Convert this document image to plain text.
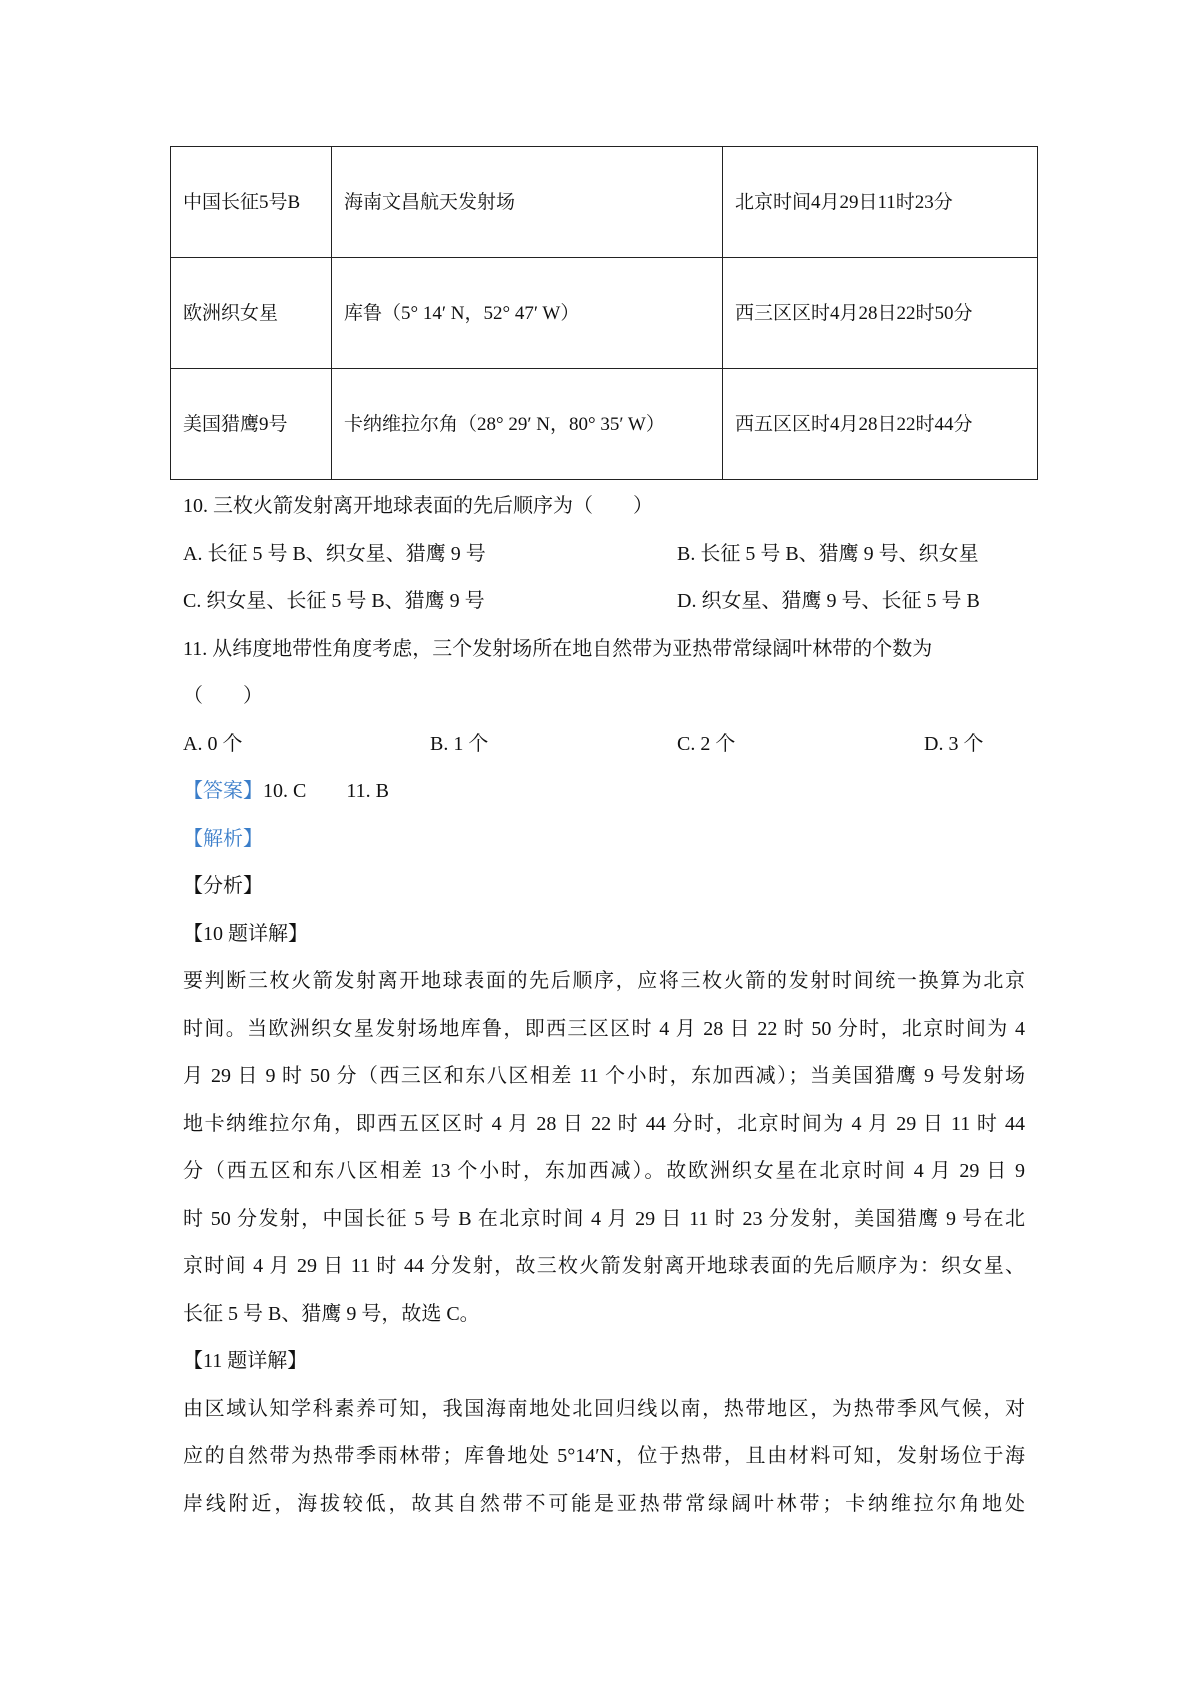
中国长征5号B	海南文昌航天发射场	北京时间4月29日11时23分
欧洲织女星	库鲁（5° 14′ N，52° 47′ W）	西三区区时4月28日22时50分
美国猎鹰9号	卡纳维拉尔角（28° 29′ N，80° 35′ W）	西五区区时4月28日22时44分
10. 三枚火箭发射离开地球表面的先后顺序为（　　）
A. 长征 5 号 B、织女星、猎鹰 9 号	B. 长征 5 号 B、猎鹰 9 号、织女星
C. 织女星、长征 5 号 B、猎鹰 9 号	D. 织女星、猎鹰 9 号、长征 5 号 B
11. 从纬度地带性角度考虑，三个发射场所在地自然带为亚热带常绿阔叶林带的个数为
（　　）
A. 0 个	B. 1 个	C. 2 个	D. 3 个
【答案】10. C　　11. B
【解析】
【分析】
【10 题详解】
要判断三枚火箭发射离开地球表面的先后顺序，应将三枚火箭的发射时间统一换算为北京
时间。当欧洲织女星发射场地库鲁，即西三区区时 4 月 28 日 22 时 50 分时，北京时间为 4
月 29 日 9 时 50 分（西三区和东八区相差 11 个小时，东加西减）；当美国猎鹰 9 号发射场
地卡纳维拉尔角，即西五区区时 4 月 28 日 22 时 44 分时，北京时间为 4 月 29 日 11 时 44
分（西五区和东八区相差 13 个小时，东加西减）。故欧洲织女星在北京时间 4 月 29 日 9
时 50 分发射，中国长征 5 号 B 在北京时间 4 月 29 日 11 时 23 分发射，美国猎鹰 9 号在北
京时间 4 月 29 日 11 时 44 分发射，故三枚火箭发射离开地球表面的先后顺序为：织女星、
长征 5 号 B、猎鹰 9 号，故选 C。
【11 题详解】
由区域认知学科素养可知，我国海南地处北回归线以南，热带地区，为热带季风气候，对
应的自然带为热带季雨林带；库鲁地处 5°14′N，位于热带，且由材料可知，发射场位于海
岸线附近，海拔较低，故其自然带不可能是亚热带常绿阔叶林带；卡纳维拉尔角地处
